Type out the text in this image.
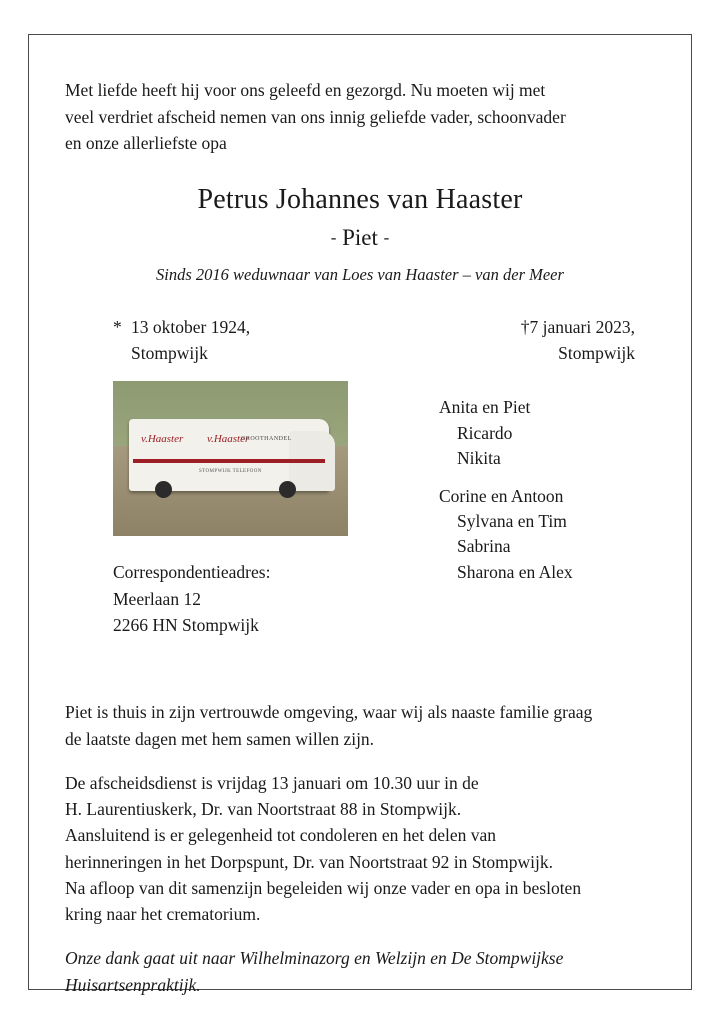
Met liefde heeft hij voor ons geleefd en gezorgd. Nu moeten wij met
veel verdriet afscheid nemen van ons innig geliefde vader, schoonvader
en onze allerliefste opa
Petrus Johannes van Haaster
- Piet -
Sinds 2016 weduwnaar van Loes van Haaster – van der Meer
* 13 oktober 1924,
Stompwijk
†7 januari 2023,
Stompwijk
v.Haaster v.Haaster
GROOTHANDEL
STOMPWIJK TELEFOON
Anita en Piet
Ricardo
Nikita
Corine en Antoon
Sylvana en Tim
Sabrina
Sharona en Alex
Correspondentieadres:
Meerlaan 12
2266 HN Stompwijk

Piet is thuis in zijn vertrouwde omgeving, waar wij als naaste familie graag
de laatste dagen met hem samen willen zijn.

De afscheidsdienst is vrijdag 13 januari om 10.30 uur in de
H. Laurentiuskerk, Dr. van Noortstraat 88 in Stompwijk.
Aansluitend is er gelegenheid tot condoleren en het delen van
herinneringen in het Dorpspunt, Dr. van Noortstraat 92 in Stompwijk.
Na afloop van dit samenzijn begeleiden wij onze vader en opa in besloten
kring naar het crematorium.

Onze dank gaat uit naar Wilhelminazorg en Welzijn en De Stompwijkse
Huisartsenpraktijk.
